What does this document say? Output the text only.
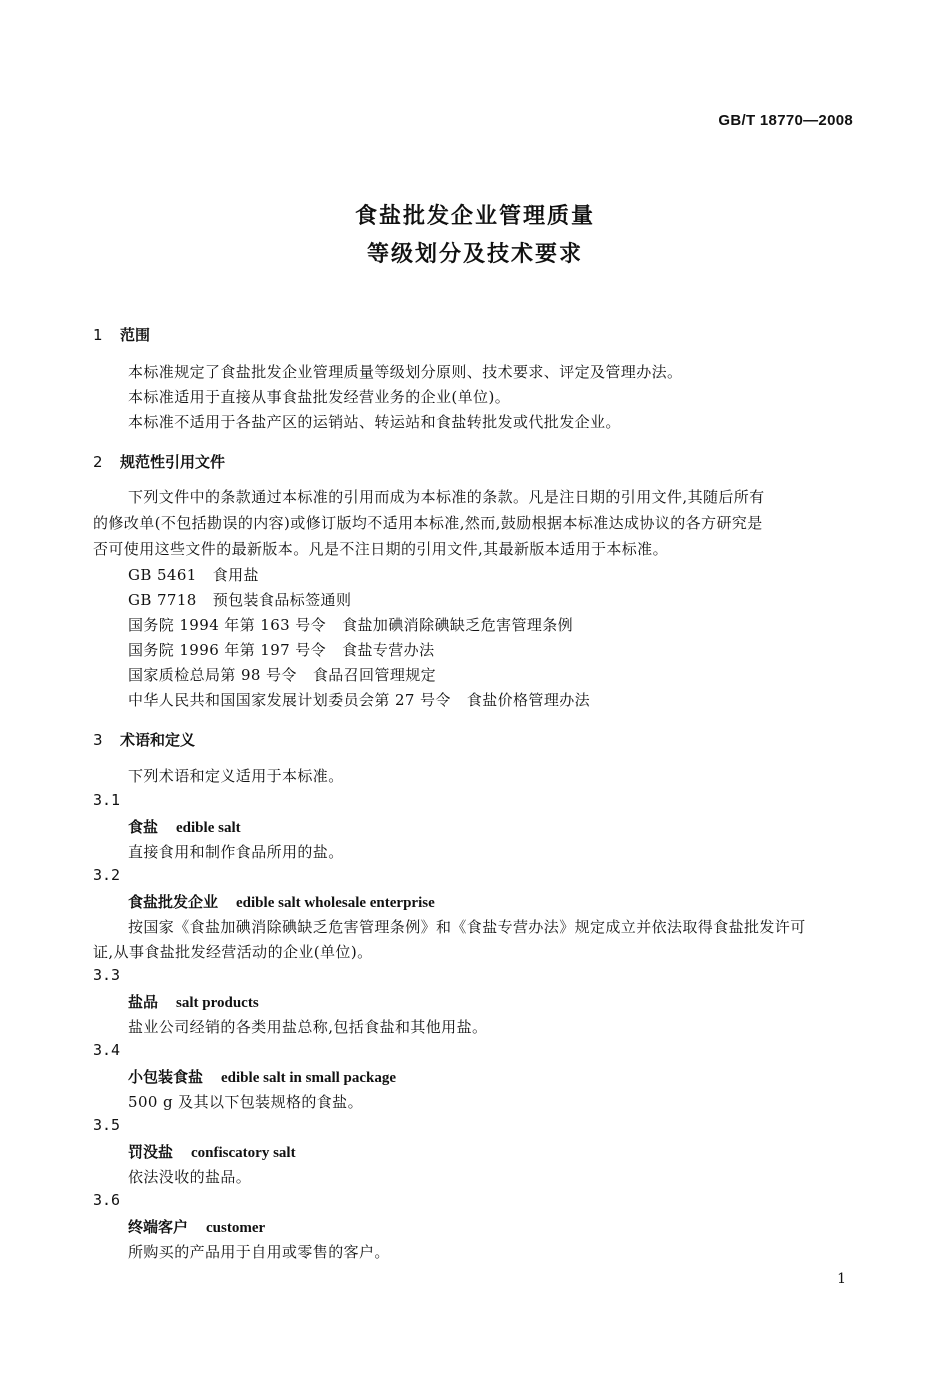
GB/T 18770—2008
食盐批发企业管理质量
等级划分及技术要求
1 范围
本标准规定了食盐批发企业管理质量等级划分原则、技术要求、评定及管理办法。
本标准适用于直接从事食盐批发经营业务的企业(单位)。
本标准不适用于各盐产区的运销站、转运站和食盐转批发或代批发企业。
2 规范性引用文件
下列文件中的条款通过本标准的引用而成为本标准的条款。凡是注日期的引用文件,其随后所有
的修改单(不包括勘误的内容)或修订版均不适用本标准,然而,鼓励根据本标准达成协议的各方研究是
否可使用这些文件的最新版本。凡是不注日期的引用文件,其最新版本适用于本标准。
GB 5461 食用盐
GB 7718 预包装食品标签通则
国务院 1994 年第 163 号令 食盐加碘消除碘缺乏危害管理条例
国务院 1996 年第 197 号令 食盐专营办法
国家质检总局第 98 号令 食品召回管理规定
中华人民共和国国家发展计划委员会第 27 号令 食盐价格管理办法
3 术语和定义
下列术语和定义适用于本标准。
3.1
食盐 edible salt
直接食用和制作食品所用的盐。
3.2
食盐批发企业 edible salt wholesale enterprise
按国家《食盐加碘消除碘缺乏危害管理条例》和《食盐专营办法》规定成立并依法取得食盐批发许可
证,从事食盐批发经营活动的企业(单位)。
3.3
盐品 salt products
盐业公司经销的各类用盐总称,包括食盐和其他用盐。
3.4
小包装食盐 edible salt in small package
500 g 及其以下包装规格的食盐。
3.5
罚没盐 confiscatory salt
依法没收的盐品。
3.6
终端客户 customer
所购买的产品用于自用或零售的客户。
1
